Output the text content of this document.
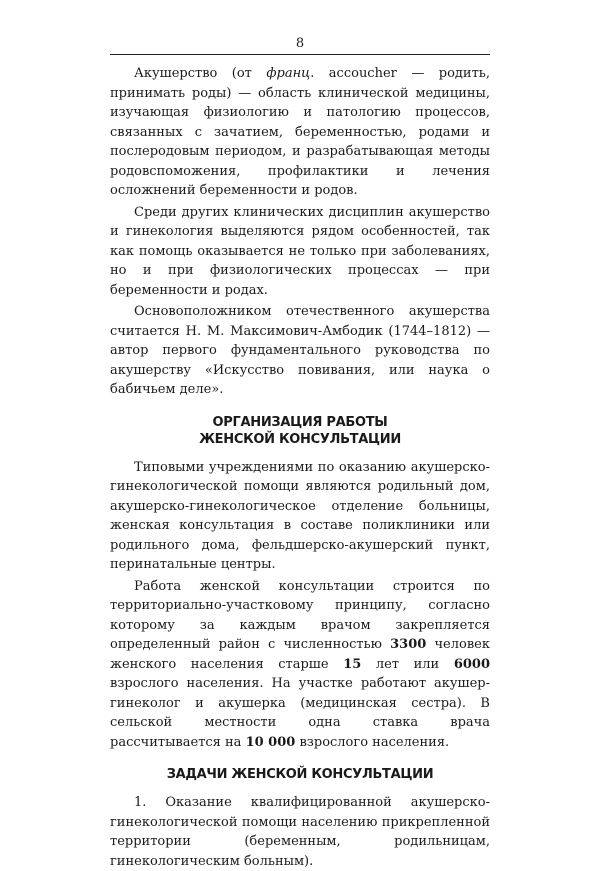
8

Акушерство (от франц. accoucher — родить, принимать роды) — область клинической медицины, изучающая физиологию и патологию процессов, связанных с зачатием, беременностью, родами и послеродовым периодом, и разрабатывающая методы родовспоможения, профилактики и лечения осложнений беременности и родов.

Среди других клинических дисциплин акушерство и гинекология выделяются рядом особенностей, так как помощь оказывается не только при заболеваниях, но и при физиологических процессах — при беременности и родах.

Основоположником отечественного акушерства считается Н. М. Максимович-Амбодик (1744–1812) — автор первого фундаментального руководства по акушерству «Искусство повивания, или наука о бабичьем деле».

ОРГАНИЗАЦИЯ РАБОТЫ
ЖЕНСКОЙ КОНСУЛЬТАЦИИ

Типовыми учреждениями по оказанию акушерско-гинекологической помощи являются родильный дом, акушерско-гинекологическое отделение больницы, женская консультация в составе поликлиники или родильного дома, фельдшерско-акушерский пункт, перинатальные центры.

Работа женской консультации строится по территориально-участковому принципу, согласно которому за каждым врачом закрепляется определенный район с численностью 3300 человек женского населения старше 15 лет или 6000 взрослого населения. На участке работают акушер-гинеколог и акушерка (медицинская сестра). В сельской местности одна ставка врача рассчитывается на 10 000 взрослого населения.

ЗАДАЧИ ЖЕНСКОЙ КОНСУЛЬТАЦИИ

1. Оказание квалифицированной акушерско-гинекологической помощи населению прикрепленной территории (беременным, родильницам, гинекологическим больным).
